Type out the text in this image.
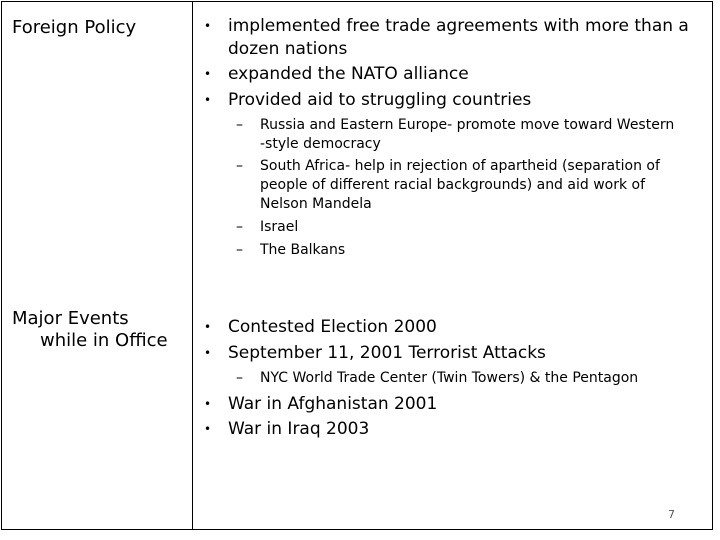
Foreign Policy	• implemented free trade agreements with more than a
dozen nations
• expanded the NATO alliance
• Provided aid to struggling countries
– Russia and Eastern Europe- promote move toward Western
-style democracy
– South Africa- help in rejection of apartheid (separation of
people of different racial backgrounds) and aid work of
Nelson Mandela
– Israel
– The Balkans
Major Events
while in Office
• Contested Election 2000
• September 11, 2001 Terrorist Attacks
– NYC World Trade Center (Twin Towers) & the Pentagon
• War in Afghanistan 2001
• War in Iraq 2003
7
